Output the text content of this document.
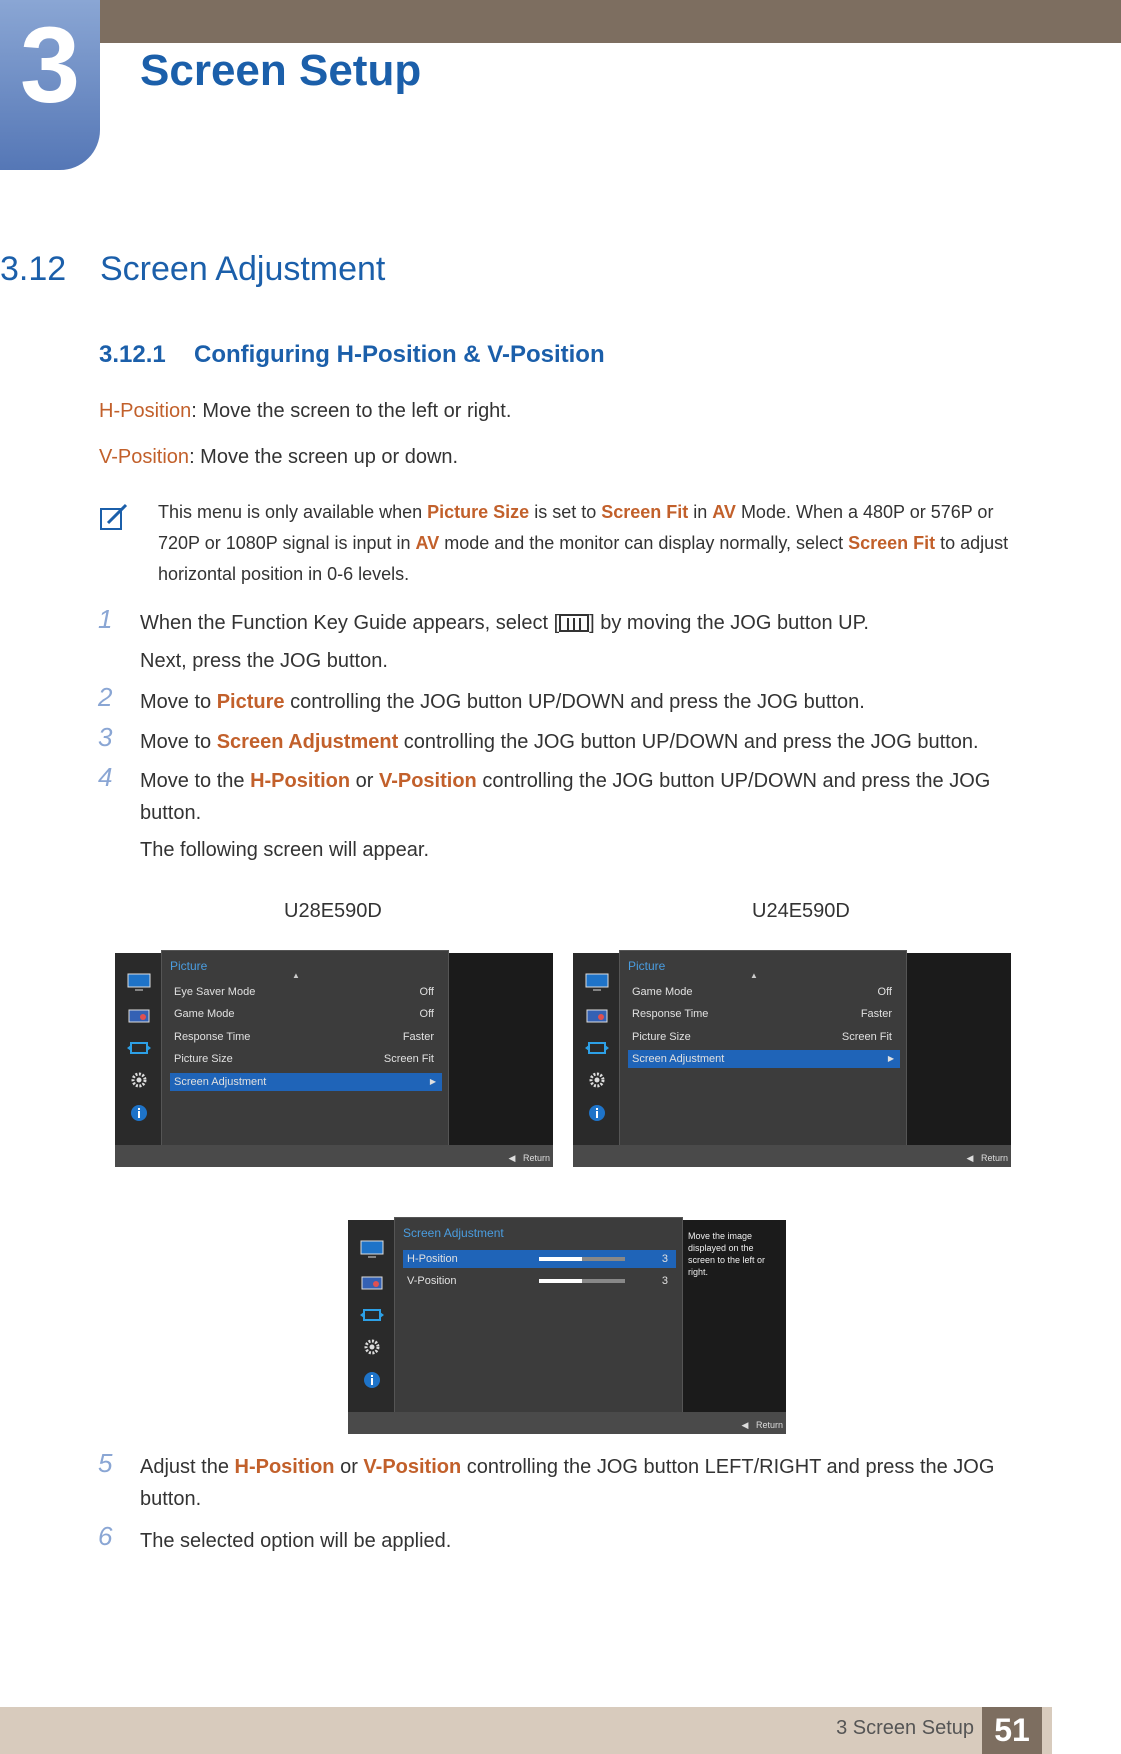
3	Screen Setup
3.12 Screen Adjustment
3.12.1 Configuring H-Position & V-Position
H-Position: Move the screen to the left or right.
V-Position: Move the screen up or down.
This menu is only available when Picture Size is set to Screen Fit in AV Mode. When a 480P or 576P or 720P or 1080P signal is input in AV mode and the monitor can display normally, select Screen Fit to adjust horizontal position in 0-6 levels.
1 When the Function Key Guide appears, select [ ] by moving the JOG button UP.
Next, press the JOG button.
2 Move to Picture controlling the JOG button UP/DOWN and press the JOG button.
3 Move to Screen Adjustment controlling the JOG button UP/DOWN and press the JOG button.
4 Move to the H-Position or V-Position controlling the JOG button UP/DOWN and press the JOG button.
The following screen will appear.
U28E590D	U24E590D
Picture
▲
Eye Saver Mode	Off
Game Mode	Off
Response Time	Faster
Picture Size	Screen Fit
Screen Adjustment	▶
◀   Return
Picture
▲
Game Mode	Off
Response Time	Faster
Picture Size	Screen Fit
Screen Adjustment	▶
◀   Return
Screen Adjustment
H-Position	3
V-Position	3
Move the image displayed on the screen to the left or right.
◀   Return
5 Adjust the H-Position or V-Position controlling the JOG button LEFT/RIGHT and press the JOG button.
6 The selected option will be applied.
3 Screen Setup 51
